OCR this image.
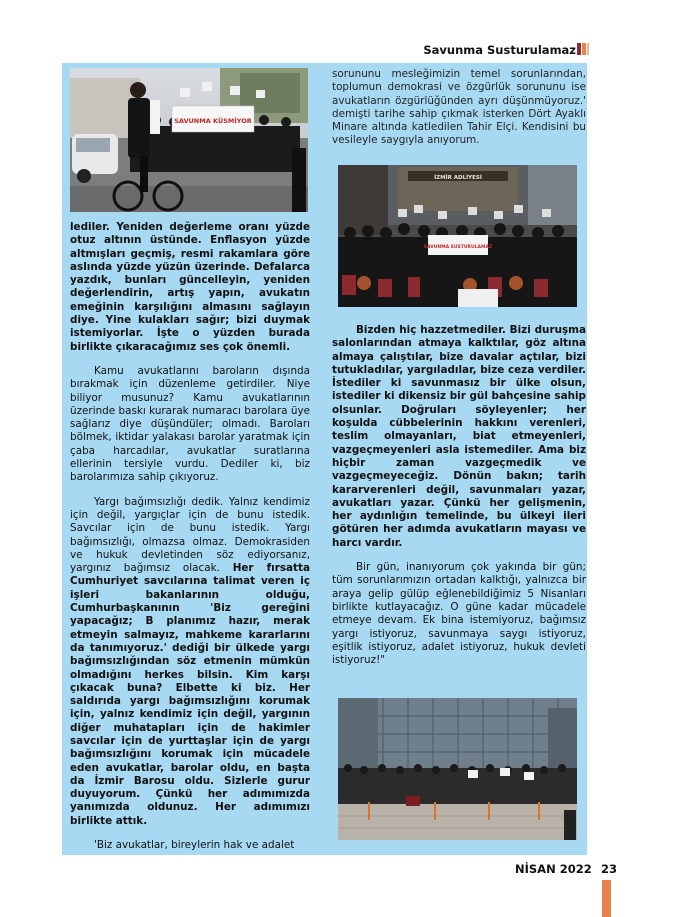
Savunma Susturulamaz
SAVUNMA KÜSMİYOR
İZMİR ADLİYESİ
SAVUNMA SUSTURULAMAZ

sorununu mesleğimizin temel sorunlarından, toplumun demokrasi ve özgürlük sorununu ise avukatların özgürlüğünden ayrı düşünmüyoruz.' demişti tarihe sahip çıkmak isterken Dört Ayaklı Minare altında katledilen Tahir Elçi. Kendisini bu vesileyle saygıyla anıyorum.

lediler. Yeniden değerleme oranı yüzde otuz altının üstünde. Enflasyon yüzde altmışları geçmiş, resmi rakamlara göre aslında yüzde yüzün üzerinde. Defalarca yazdık, bunları güncelleyin, yeniden değerlendirin, artış yapın, avukatın emeğinin karşılığını almasını sağlayın diye. Yine kulakları sağır; bizi duymak istemiyorlar. İşte o yüzden burada birlikte çıkaracağımız ses çok önemli.

Kamu avukatlarını baroların dışında bırakmak için düzenleme getirdiler. Niye biliyor musunuz? Kamu avukatlarının üzerinde baskı kurarak numaracı barolara üye sağlarız diye düşündüler; olmadı. Baroları bölmek, iktidar yalakası barolar yaratmak için çaba harcadılar, avukatlar suratlarına ellerinin tersiyle vurdu. Dediler ki, biz barolarımıza sahip çıkıyoruz.

Yargı bağımsızlığı dedik. Yalnız kendimiz için değil, yargıçlar için de bunu istedik. Savcılar için de bunu istedik. Yargı bağımsızlığı, olmazsa olmaz. Demokrasiden ve hukuk devletinden söz ediyorsanız, yargınız bağımsız olacak. Her fırsatta Cumhuriyet savcılarına talimat veren iç işleri bakanlarının olduğu, Cumhurbaşkanının 'Biz gereğini yapacağız; B planımız hazır, merak etmeyin salmayız, mahkeme kararlarını da tanımıyoruz.' dediği bir ülkede yargı bağımsızlığından söz etmenin mümkün olmadığını herkes bilsin. Kim karşı çıkacak buna? Elbette ki biz. Her saldırıda yargı bağımsızlığını korumak için, yalnız kendimiz için değil, yargının diğer muhatapları için de hakimler savcılar için de yurttaşlar için de yargı bağımsızlığını korumak için mücadele eden avukatlar, barolar oldu, en başta da İzmir Barosu oldu. Sizlerle gurur duyuyorum. Çünkü her adımımızda yanımızda oldunuz. Her adımımızı birlikte attık.

'Biz avukatlar, bireylerin hak ve adalet

Bizden hiç hazzetmediler. Bizi duruşma salonlarından atmaya kalktılar, göz altına almaya çalıştılar, bize davalar açtılar, bizi tutukladılar, yargıladılar, bize ceza verdiler. İstediler ki savunmasız bir ülke olsun, istediler ki dikensiz bir gül bahçesine sahip olsunlar. Doğruları söyleyenler; her koşulda cübbelerinin hakkını verenleri, teslim olmayanları, biat etmeyenleri, vazgeçmeyenleri asla istemediler. Ama biz hiçbir zaman vazgeçmedik ve vazgeçmeyeceğiz. Dönün bakın; tarih kararverenleri değil, savunmaları yazar, avukatları yazar. Çünkü her gelişmenin, her aydınlığın temelinde, bu ülkeyi ileri götüren her adımda avukatların mayası ve harcı vardır.

Bir gün, inanıyorum çok yakında bir gün; tüm sorunlarımızın ortadan kalktığı, yalnızca bir araya gelip gülüp eğlenebildiğimiz 5 Nisanları birlikte kutlayacağız. O güne kadar mücadele etmeye devam. Ek bina istemiyoruz, bağımsız yargı istiyoruz, savunmaya saygı istiyoruz, eşitlik istiyoruz, adalet istiyoruz, hukuk devleti istiyoruz!"

NİSAN 2022 23
